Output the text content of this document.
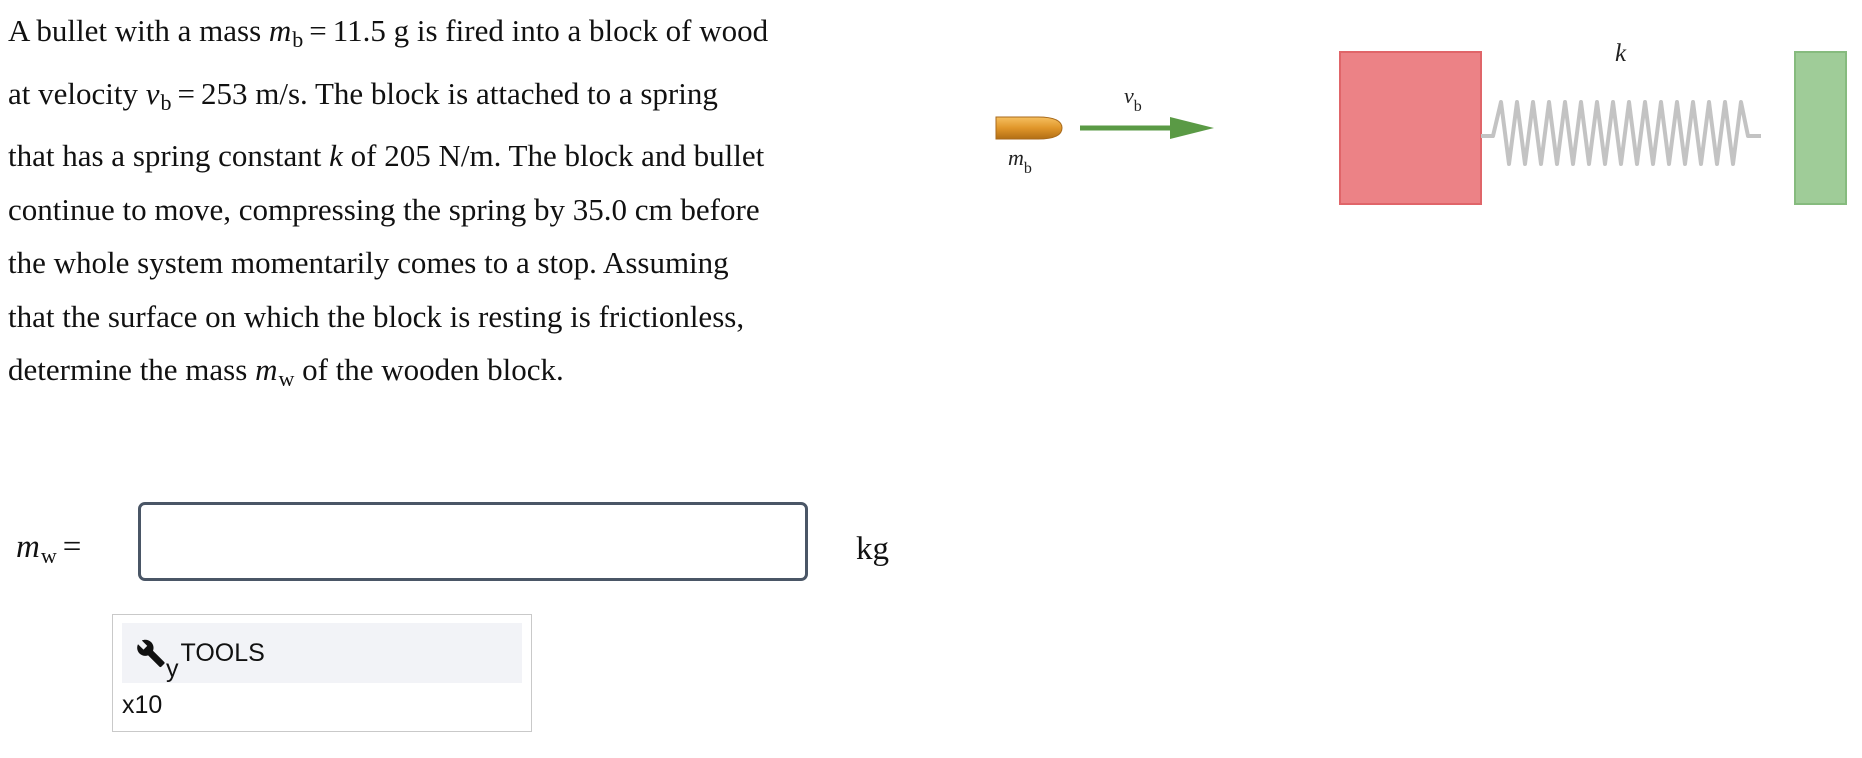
A bullet with a mass $m_b = 11.5$ g is fired into a block of wood

at velocity $v_b = 253$ m/s. The block is attached to a spring

that has a spring constant k of 205 N/m. The block and bullet

continue to move, compressing the spring by 35.0 cm before

the whole system momentarily comes to a stop. Assuming

that the surface on which the block is resting is frictionless,

determine the mass $m_w$ of the wooden block.

$m_w$ =	kg
y
TOOLS
x10
$m_b$
$v_b$
k
